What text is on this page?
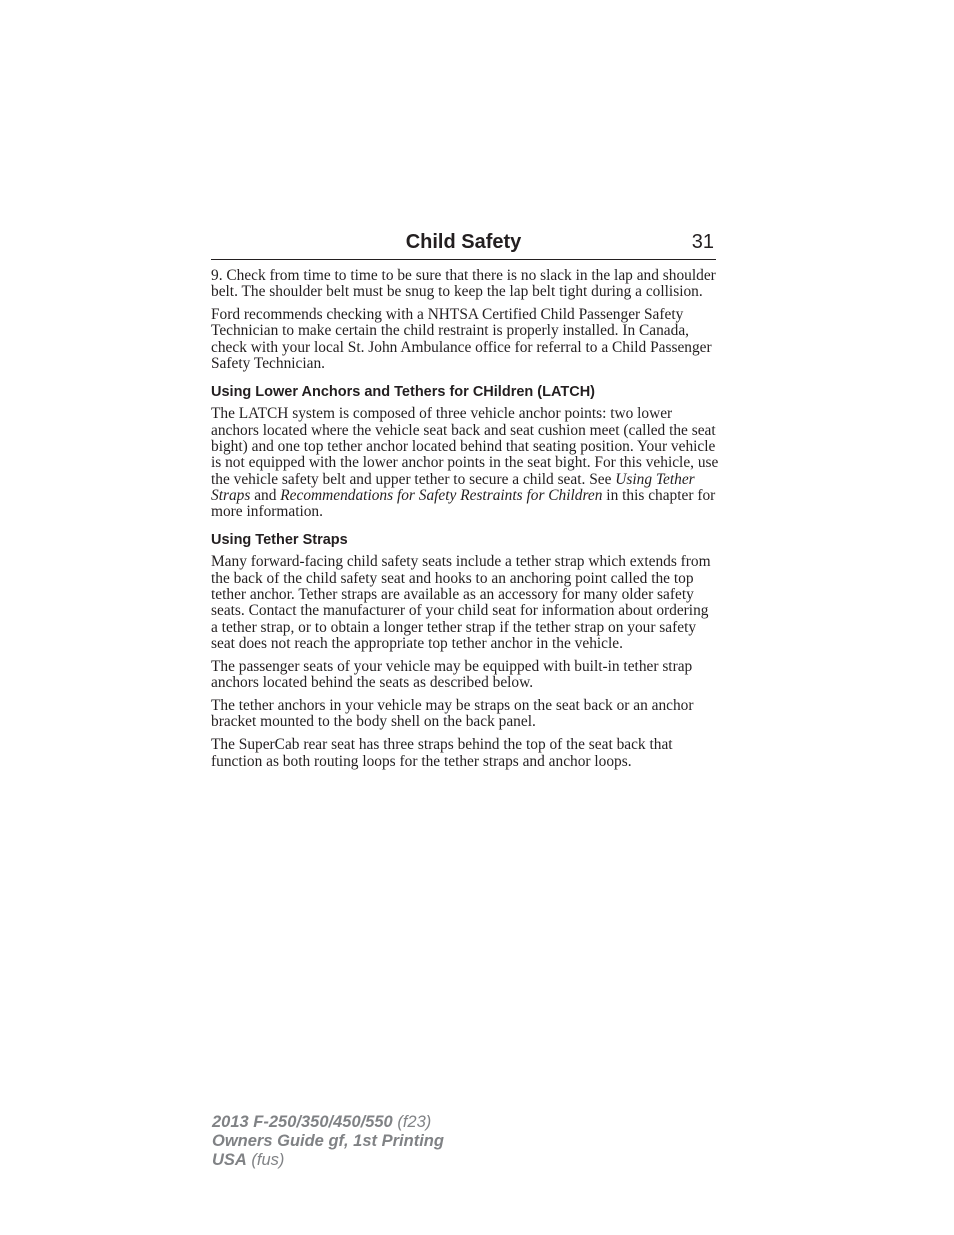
Child Safety	31

9. Check from time to time to be sure that there is no slack in the lap and shoulder belt. The shoulder belt must be snug to keep the lap belt tight during a collision.

Ford recommends checking with a NHTSA Certified Child Passenger Safety Technician to make certain the child restraint is properly installed. In Canada, check with your local St. John Ambulance office for referral to a Child Passenger Safety Technician.

Using Lower Anchors and Tethers for CHildren (LATCH)

The LATCH system is composed of three vehicle anchor points: two lower anchors located where the vehicle seat back and seat cushion meet (called the seat bight) and one top tether anchor located behind that seating position. Your vehicle is not equipped with the lower anchor points in the seat bight. For this vehicle, use the vehicle safety belt and upper tether to secure a child seat. See Using Tether Straps and Recommendations for Safety Restraints for Children in this chapter for more information.

Using Tether Straps

Many forward-facing child safety seats include a tether strap which extends from the back of the child safety seat and hooks to an anchoring point called the top tether anchor. Tether straps are available as an accessory for many older safety seats. Contact the manufacturer of your child seat for information about ordering a tether strap, or to obtain a longer tether strap if the tether strap on your safety seat does not reach the appropriate top tether anchor in the vehicle.

The passenger seats of your vehicle may be equipped with built-in tether strap anchors located behind the seats as described below.

The tether anchors in your vehicle may be straps on the seat back or an anchor bracket mounted to the body shell on the back panel.

The SuperCab rear seat has three straps behind the top of the seat back that function as both routing loops for the tether straps and anchor loops.

2013 F-250/350/450/550 (f23)
Owners Guide gf, 1st Printing
USA (fus)
